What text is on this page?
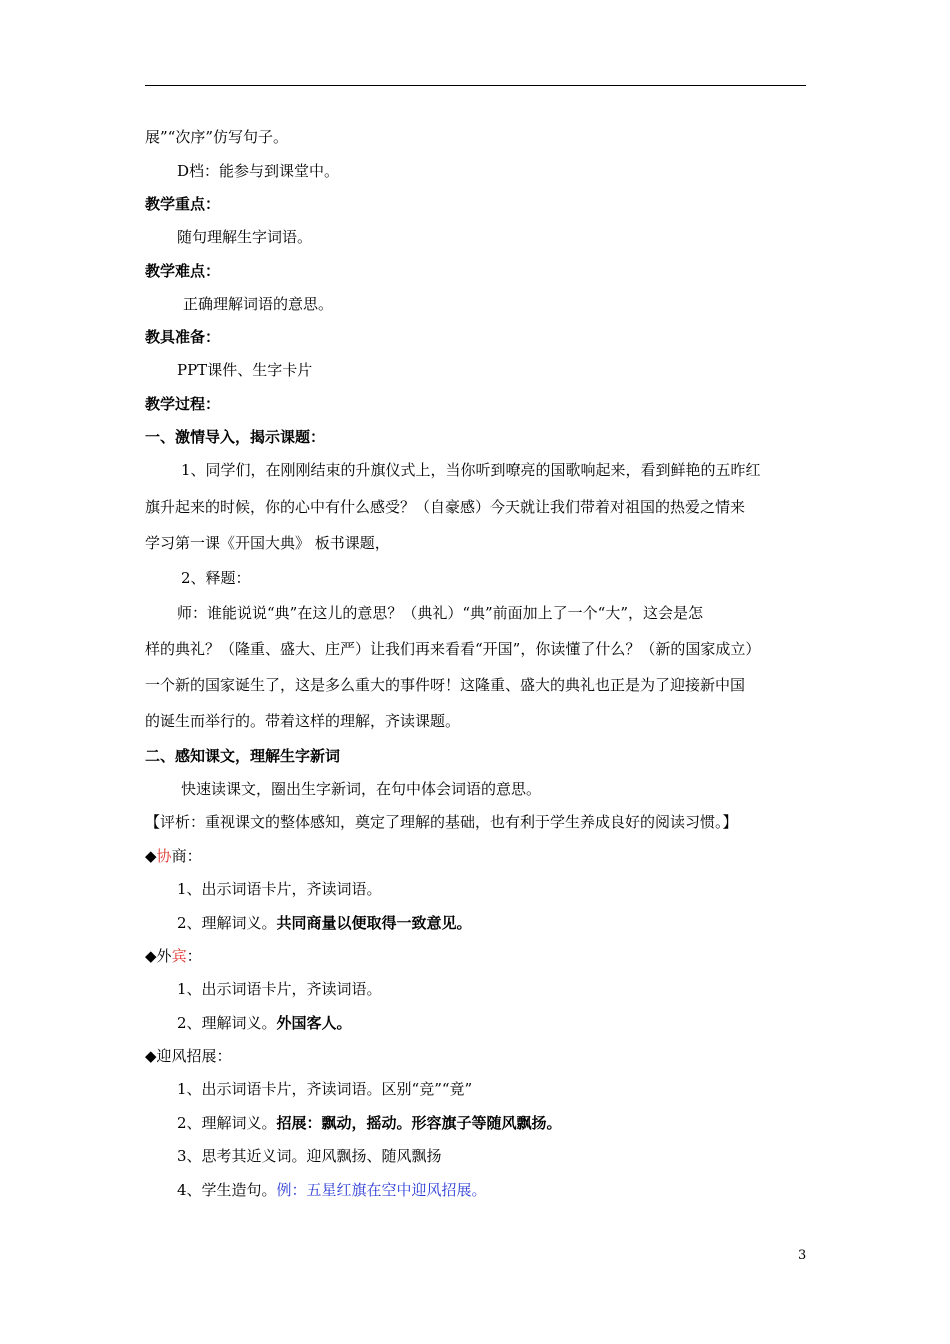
展”“次序”仿写句子。
D档：能参与到课堂中。
教学重点：
随句理解生字词语。
教学难点：
正确理解词语的意思。
教具准备：
PPT课件、生字卡片
教学过程：
一、激情导入，揭示课题：
1、同学们，在刚刚结束的升旗仪式上，当你听到嘹亮的国歌响起来，看到鲜艳的五昨红
旗升起来的时候，你的心中有什么感受？（自豪感）今天就让我们带着对祖国的热爱之情来
学习第一课《开国大典》 板书课题，
2、释题：
师：谁能说说“典”在这儿的意思？（典礼）“典”前面加上了一个“大”，这会是怎
样的典礼？（隆重、盛大、庄严）让我们再来看看“开国”，你读懂了什么？（新的国家成立）
一个新的国家诞生了，这是多么重大的事件呀！这隆重、盛大的典礼也正是为了迎接新中国
的诞生而举行的。带着这样的理解，齐读课题。
二、感知课文，理解生字新词
快速读课文，圈出生字新词，在句中体会词语的意思。
【评析：重视课文的整体感知，奠定了理解的基础，也有利于学生养成良好的阅读习惯。】
◆协商：
1、出示词语卡片，齐读词语。
2、理解词义。共同商量以便取得一致意见。
◆外宾：
1、出示词语卡片，齐读词语。
2、理解词义。外国客人。
◆迎风招展：
1、出示词语卡片，齐读词语。区别“竞”“竟”
2、理解词义。招展：飘动，摇动。形容旗子等随风飘扬。
3、思考其近义词。迎风飘扬、随风飘扬
4、学生造句。例：五星红旗在空中迎风招展。
3
